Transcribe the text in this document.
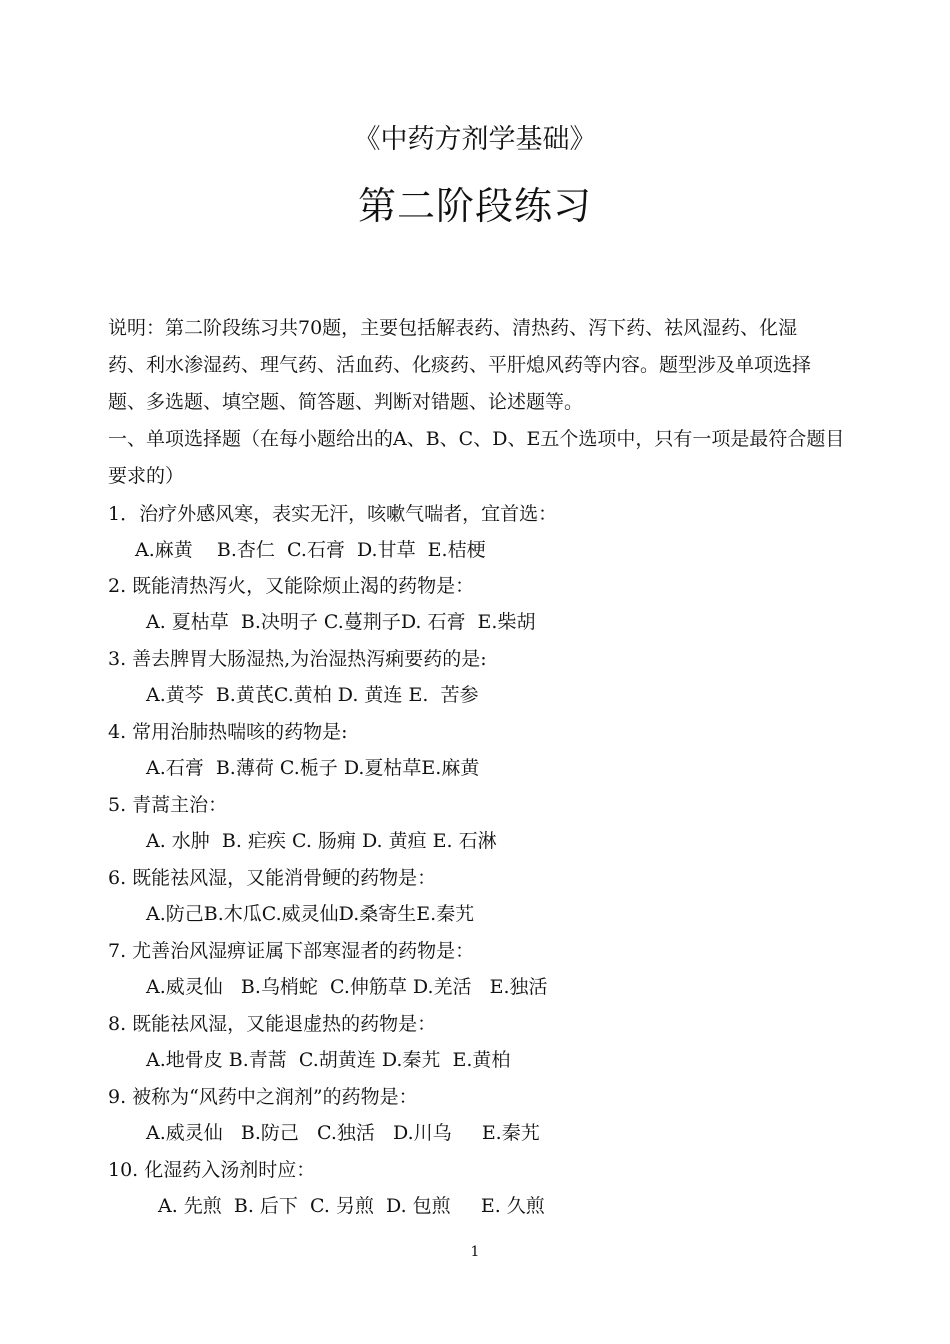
《中药方剂学基础》
第二阶段练习
说明：第二阶段练习共70题，主要包括解表药、清热药、泻下药、祛风湿药、化湿
药、利水渗湿药、理气药、活血药、化痰药、平肝熄风药等内容。题型涉及单项选择
题、多选题、填空题、简答题、判断对错题、论述题等。
一、单项选择题（在每小题给出的A、B、C、D、E五个选项中，只有一项是最符合题目
要求的）
1．治疗外感风寒，表实无汗，咳嗽气喘者，宜首选：
A.麻黄    B.杏仁  C.石膏  D.甘草  E.桔梗
2. 既能清热泻火，又能除烦止渴的药物是：
A. 夏枯草  B.决明子 C.蔓荆子D. 石膏  E.柴胡
3. 善去脾胃大肠湿热,为治湿热泻痢要药的是:
A.黄芩  B.黄芪C.黄柏 D. 黄连 E.  苦参
4. 常用治肺热喘咳的药物是:
A.石膏  B.薄荷 C.栀子 D.夏枯草E.麻黄
5. 青蒿主治：
A. 水肿  B. 疟疾 C. 肠痈 D. 黄疸 E. 石淋
6. 既能祛风湿，又能消骨鲠的药物是：
A.防己B.木瓜C.威灵仙D.桑寄生E.秦艽
7. 尤善治风湿痹证属下部寒湿者的药物是：
A.威灵仙   B.乌梢蛇  C.伸筋草 D.羌活   E.独活
8. 既能祛风湿，又能退虚热的药物是：
A.地骨皮 B.青蒿  C.胡黄连 D.秦艽  E.黄柏
9. 被称为“风药中之润剂”的药物是：
A.威灵仙   B.防己   C.独活   D.川乌     E.秦艽
10. 化湿药入汤剂时应：
A. 先煎  B. 后下  C. 另煎  D. 包煎     E. 久煎
1
